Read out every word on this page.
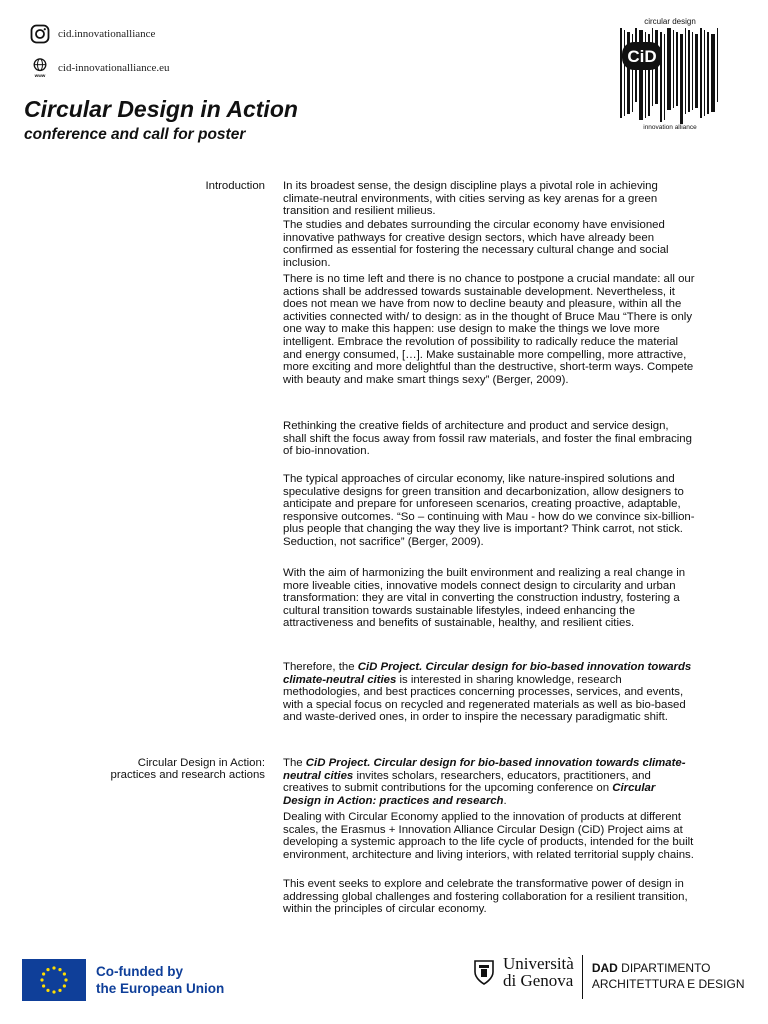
cid.innovationalliance
www
cid-innovationalliance.eu
Circular Design in Action
conference and call for poster
CiD
circular design
innovation alliance
Introduction In its broadest sense, the design discipline plays a pivotal role in achieving climate-neutral environments, with cities serving as key arenas for a green transition and resilient milieus.

The studies and debates surrounding the circular economy have envisioned innovative pathways for creative design sectors, which have already been confirmed as essential for fostering the necessary cultural change and social inclusion.

There is no time left and there is no chance to postpone a crucial mandate: all our actions shall be addressed towards sustainable development. Nevertheless, it does not mean we have from now to decline beauty and pleasure, within all the activities connected with/ to design: as in the thought of Bruce Mau “There is only one way to make this happen: use design to make the things we love more intelligent. Embrace the revolution of possibility to radically reduce the material and energy consumed, […]. Make sustainable more compelling, more attractive, more exciting and more delightful than the destructive, short-term ways. Compete with beauty and make smart things sexy” (Berger, 2009).

Rethinking the creative fields of architecture and product and service design, shall shift the focus away from fossil raw materials, and foster the final embracing of bio-innovation.

The typical approaches of circular economy, like nature-inspired solutions and speculative designs for green transition and decarbonization, allow designers to anticipate and prepare for unforeseen scenarios, creating proactive, adaptable, responsive outcomes. “So – continuing with Mau - how do we convince six-billion-plus people that changing the way they live is important? Think carrot, not stick. Seduction, not sacrifice” (Berger, 2009).

With the aim of harmonizing the built environment and realizing a real change in more liveable cities, innovative models connect design to circularity and urban transformation: they are vital in converting the construction industry, fostering a cultural transition towards sustainable lifestyles, indeed enhancing the attractiveness and benefits of sustainable, healthy, and resilient cities.

Therefore, the CiD Project. Circular design for bio-based innovation towards climate-neutral cities is interested in sharing knowledge, research methodologies, and best practices concerning processes, services, and events, with a special focus on recycled and regenerated materials as well as bio-based and waste-derived ones, in order to inspire the necessary paradigmatic shift.

Circular Design in Action:
practices and research actions

The CiD Project. Circular design for bio-based innovation towards climate-neutral cities invites scholars, researchers, educators, practitioners, and creatives to submit contributions for the upcoming conference on Circular Design in Action: practices and research.

Dealing with Circular Economy applied to the innovation of products at different scales, the Erasmus + Innovation Alliance Circular Design (CiD) Project aims at developing a systemic approach to the life cycle of products, intended for the built environment, architecture and living interiors, with related territorial supply chains.

This event seeks to explore and celebrate the transformative power of design in addressing global challenges and fostering collaboration for a resilient transition, within the principles of circular economy.

Co-funded by
the European Union
Università
di Genova
DAD DIPARTIMENTO
ARCHITETTURA E DESIGN
